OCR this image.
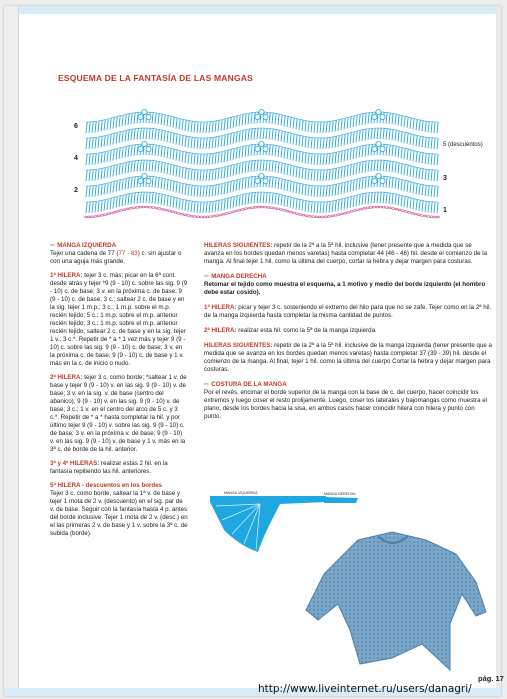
ESQUEMA DE LA FANTASÍA DE LAS MANGAS
6
4
2
5 (descuentos)
3
1

✂ MANGA IZQUIERDA
Tejer una cadena de 77 (77 - 83) c. sin ajustar o con una aguja más grande.

1ª HILERA: tejer 3 c. más; picar en la 6ª cont. desde atrás y tejer *9 (9 - 10) c. sobre las sig. 9 (9 - 10) c. de base; 3 v. en la próxima c. de base; 9 (9 - 10) c. de base; 3 c.; saltear 2 c. de base y en la sig. tejer 1 m.p.; 3 c.; 1 m.p. sobre el m.p. recién tejido; 5 c.; 1 m.p. sobre el m.p. anterior recién tejido; 3 c.; 1 m.p. sobre el m.p. anterior recién tejido; saltear 2 c. de base y en la sig. tejer 1 v.; 3 c.*. Repetir de * a * 1 vez más y tejer 9 (9 - 10) c. sobre las sig. 9 (9 - 10) c. de base; 3 v. en la próxima c. de base; 9 (9 - 10) c. de base y 1 v. más en la c. de inicio o nudo.

2ª HILERA: tejer 3 c. como borde; *saltear 1 v. de base y tejer 9 (9 - 10) v. en las sig. 9 (9 - 10) v. de base; 3 v. en la sig. v. de base (centro del abanico); 9 (9 - 10) v. en las sig. 9 (9 - 10) v. de base; 3 c.; 1 v. en el centro del arco de 5 c. y 3 c.*. Repetir de * a * hasta completar la hil. y por último tejer 9 (9 - 10) v. sobre las sig. 9 (9 - 10) c. de base; 3 v. en la próxima v. de base; 9 (9 - 10) v. en las sig. 9 (9 - 10) v. de base y 1 v. más en la 3ª c. de borde de la hil. anterior.

3ª y 4ª HILERAS: realizar estas 2 hil. en la fantasía repitiendo las hil. anteriores.

5ª HILERA - descuentos en los bordes
Tejer 3 c. como borde, saltear la 1ª v. de base y tejer 1 mota de 2 v. (descuento) en el sig. par de v. de base. Seguir con la fantasía hasta 4 p. antes del borde inclusive. Tejer 1 mota de 2 v. (desc.) en el las primeras 2 v. de base y 1 v. sobre la 3ª c. de subida (borde).

HILERAS SIGUIENTES: repetir de la 2ª a la 5ª hil. inclusive (tener presente que a medida que se avanza en los bordes quedan menos varetas) hasta completar 44 (46 - 46) hil. desde el comienzo de la manga. Al final tejer 1 hil. como la última del cuerpo, cortar la hebra y dejar margen para costuras.

✂ MANGA DERECHA
Retomar el tejido como muestra el esquema, a 1 motivo y medio del borde izquierdo (el hombro debe estar cosido).

1ª HILERA: picar y tejer 3 c. sosteniendo el extremo del hilo para que no se zafe. Tejer como en la 2ª hil. de la manga izquierda hasta completar la misma cantidad de puntos.

2ª HILERA: realizar esta hil. como la 5ª de la manga izquierda.

HILERAS SIGUIENTES: repetir de la 2ª a la 5ª hil. inclusive de la manga izquierda (tener presente que a medida que se avanza en los bordes quedan menos varetas) hasta completar 37 (39 - 39) hil. desde el comienzo de la manga. Al final, tejer 1 hil. como la última del cuerpo Cortar la hebra y dejar margen para costuras.

✂ COSTURA DE LA MANGA
Por el revés, encimar el borde superior de la manga con la base de c. del cuerpo, hacer coincidir los extremos y luego coser el resto prolijamente. Luego, coser los laterales y bajomangas como muestra el plano, desde los bordes hacia la sisa, en ambos casos hacer coincidir hilera con hilera y punto con punto.

MANGA IZQUIERDA	MANGA DERECHA
pág. 17
http://www.liveinternet.ru/users/danagri/
